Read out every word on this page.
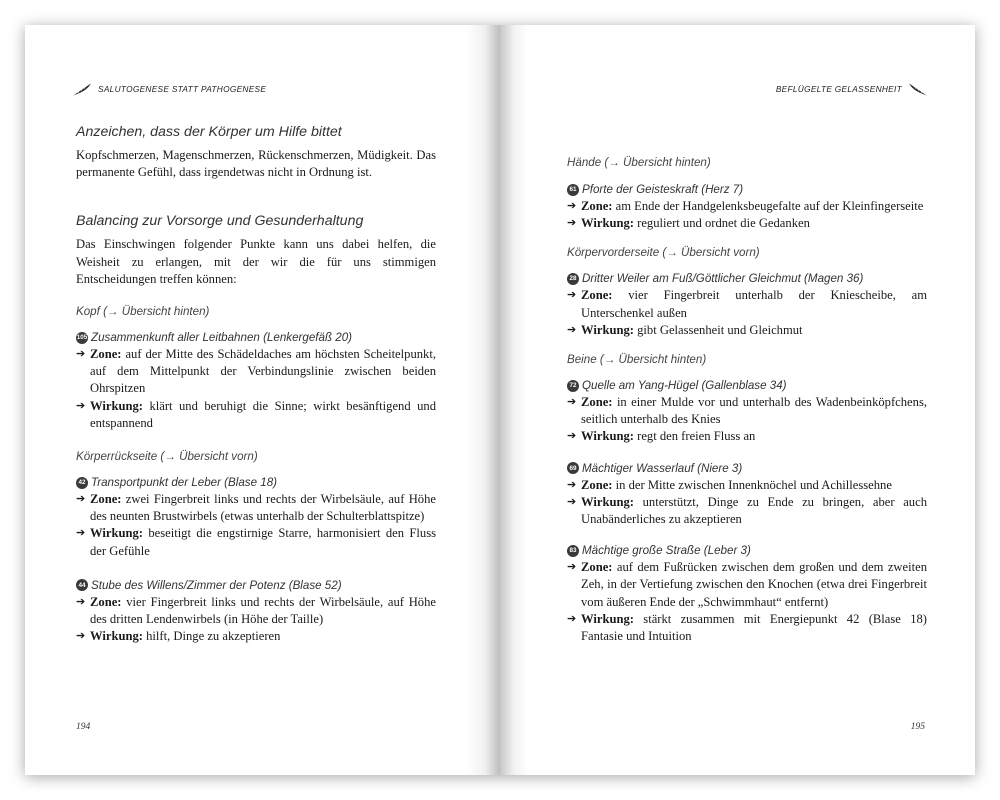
SALUTOGENESE STATT PATHOGENESE
Anzeichen, dass der Körper um Hilfe bittet

Kopfschmerzen, Magenschmerzen, Rückenschmerzen, Müdigkeit. Das permanente Gefühl, dass irgendetwas nicht in Ordnung ist.

Balancing zur Vorsorge und Gesunderhaltung

Das Einschwingen folgender Punkte kann uns dabei helfen, die Weisheit zu erlangen, mit der wir die für uns stimmigen Entscheidungen treffen können:

Kopf (→ Übersicht hinten)
105 Zusammenkunft aller Leitbahnen (Lenkergefäß 20)
➔ Zone: auf der Mitte des Schädeldaches am höchsten Scheitelpunkt, auf dem Mittelpunkt der Verbindungslinie zwischen beiden Ohrspitzen
➔ Wirkung: klärt und beruhigt die Sinne; wirkt besänftigend und entspannend
Körperrückseite (→ Übersicht vorn)
42 Transportpunkt der Leber (Blase 18)
➔ Zone: zwei Fingerbreit links und rechts der Wirbelsäule, auf Höhe des neunten Brustwirbels (etwas unterhalb der Schulterblattspitze)
➔ Wirkung: beseitigt die engstirnige Starre, harmonisiert den Fluss der Gefühle
44 Stube des Willens/Zimmer der Potenz (Blase 52)
➔ Zone: vier Fingerbreit links und rechts der Wirbelsäule, auf Höhe des dritten Lendenwirbels (in Höhe der Taille)
➔ Wirkung: hilft, Dinge zu akzeptieren
194
BEFLÜGELTE GELASSENHEIT
Hände (→ Übersicht hinten)
61 Pforte der Geisteskraft (Herz 7)
➔ Zone: am Ende der Handgelenksbeugefalte auf der Kleinfingerseite
➔ Wirkung: reguliert und ordnet die Gedanken
Körpervorderseite (→ Übersicht vorn)
28 Dritter Weiler am Fuß/Göttlicher Gleichmut (Magen 36)
➔ Zone: vier Fingerbreit unterhalb der Kniescheibe, am Unterschenkel außen
➔ Wirkung: gibt Gelassenheit und Gleichmut
Beine (→ Übersicht hinten)
72 Quelle am Yang-Hügel (Gallenblase 34)
➔ Zone: in einer Mulde vor und unterhalb des Wadenbeinköpfchens, seitlich unterhalb des Knies
➔ Wirkung: regt den freien Fluss an
69 Mächtiger Wasserlauf (Niere 3)
➔ Zone: in der Mitte zwischen Innenknöchel und Achillessehne
➔ Wirkung: unterstützt, Dinge zu Ende zu bringen, aber auch Unabänderliches zu akzeptieren
83 Mächtige große Straße (Leber 3)
➔ Zone: auf dem Fußrücken zwischen dem großen und dem zweiten Zeh, in der Vertiefung zwischen den Knochen (etwa drei Fingerbreit vom äußeren Ende der „Schwimmhaut“ entfernt)
➔ Wirkung: stärkt zusammen mit Energiepunkt 42 (Blase 18) Fantasie und Intuition
195
